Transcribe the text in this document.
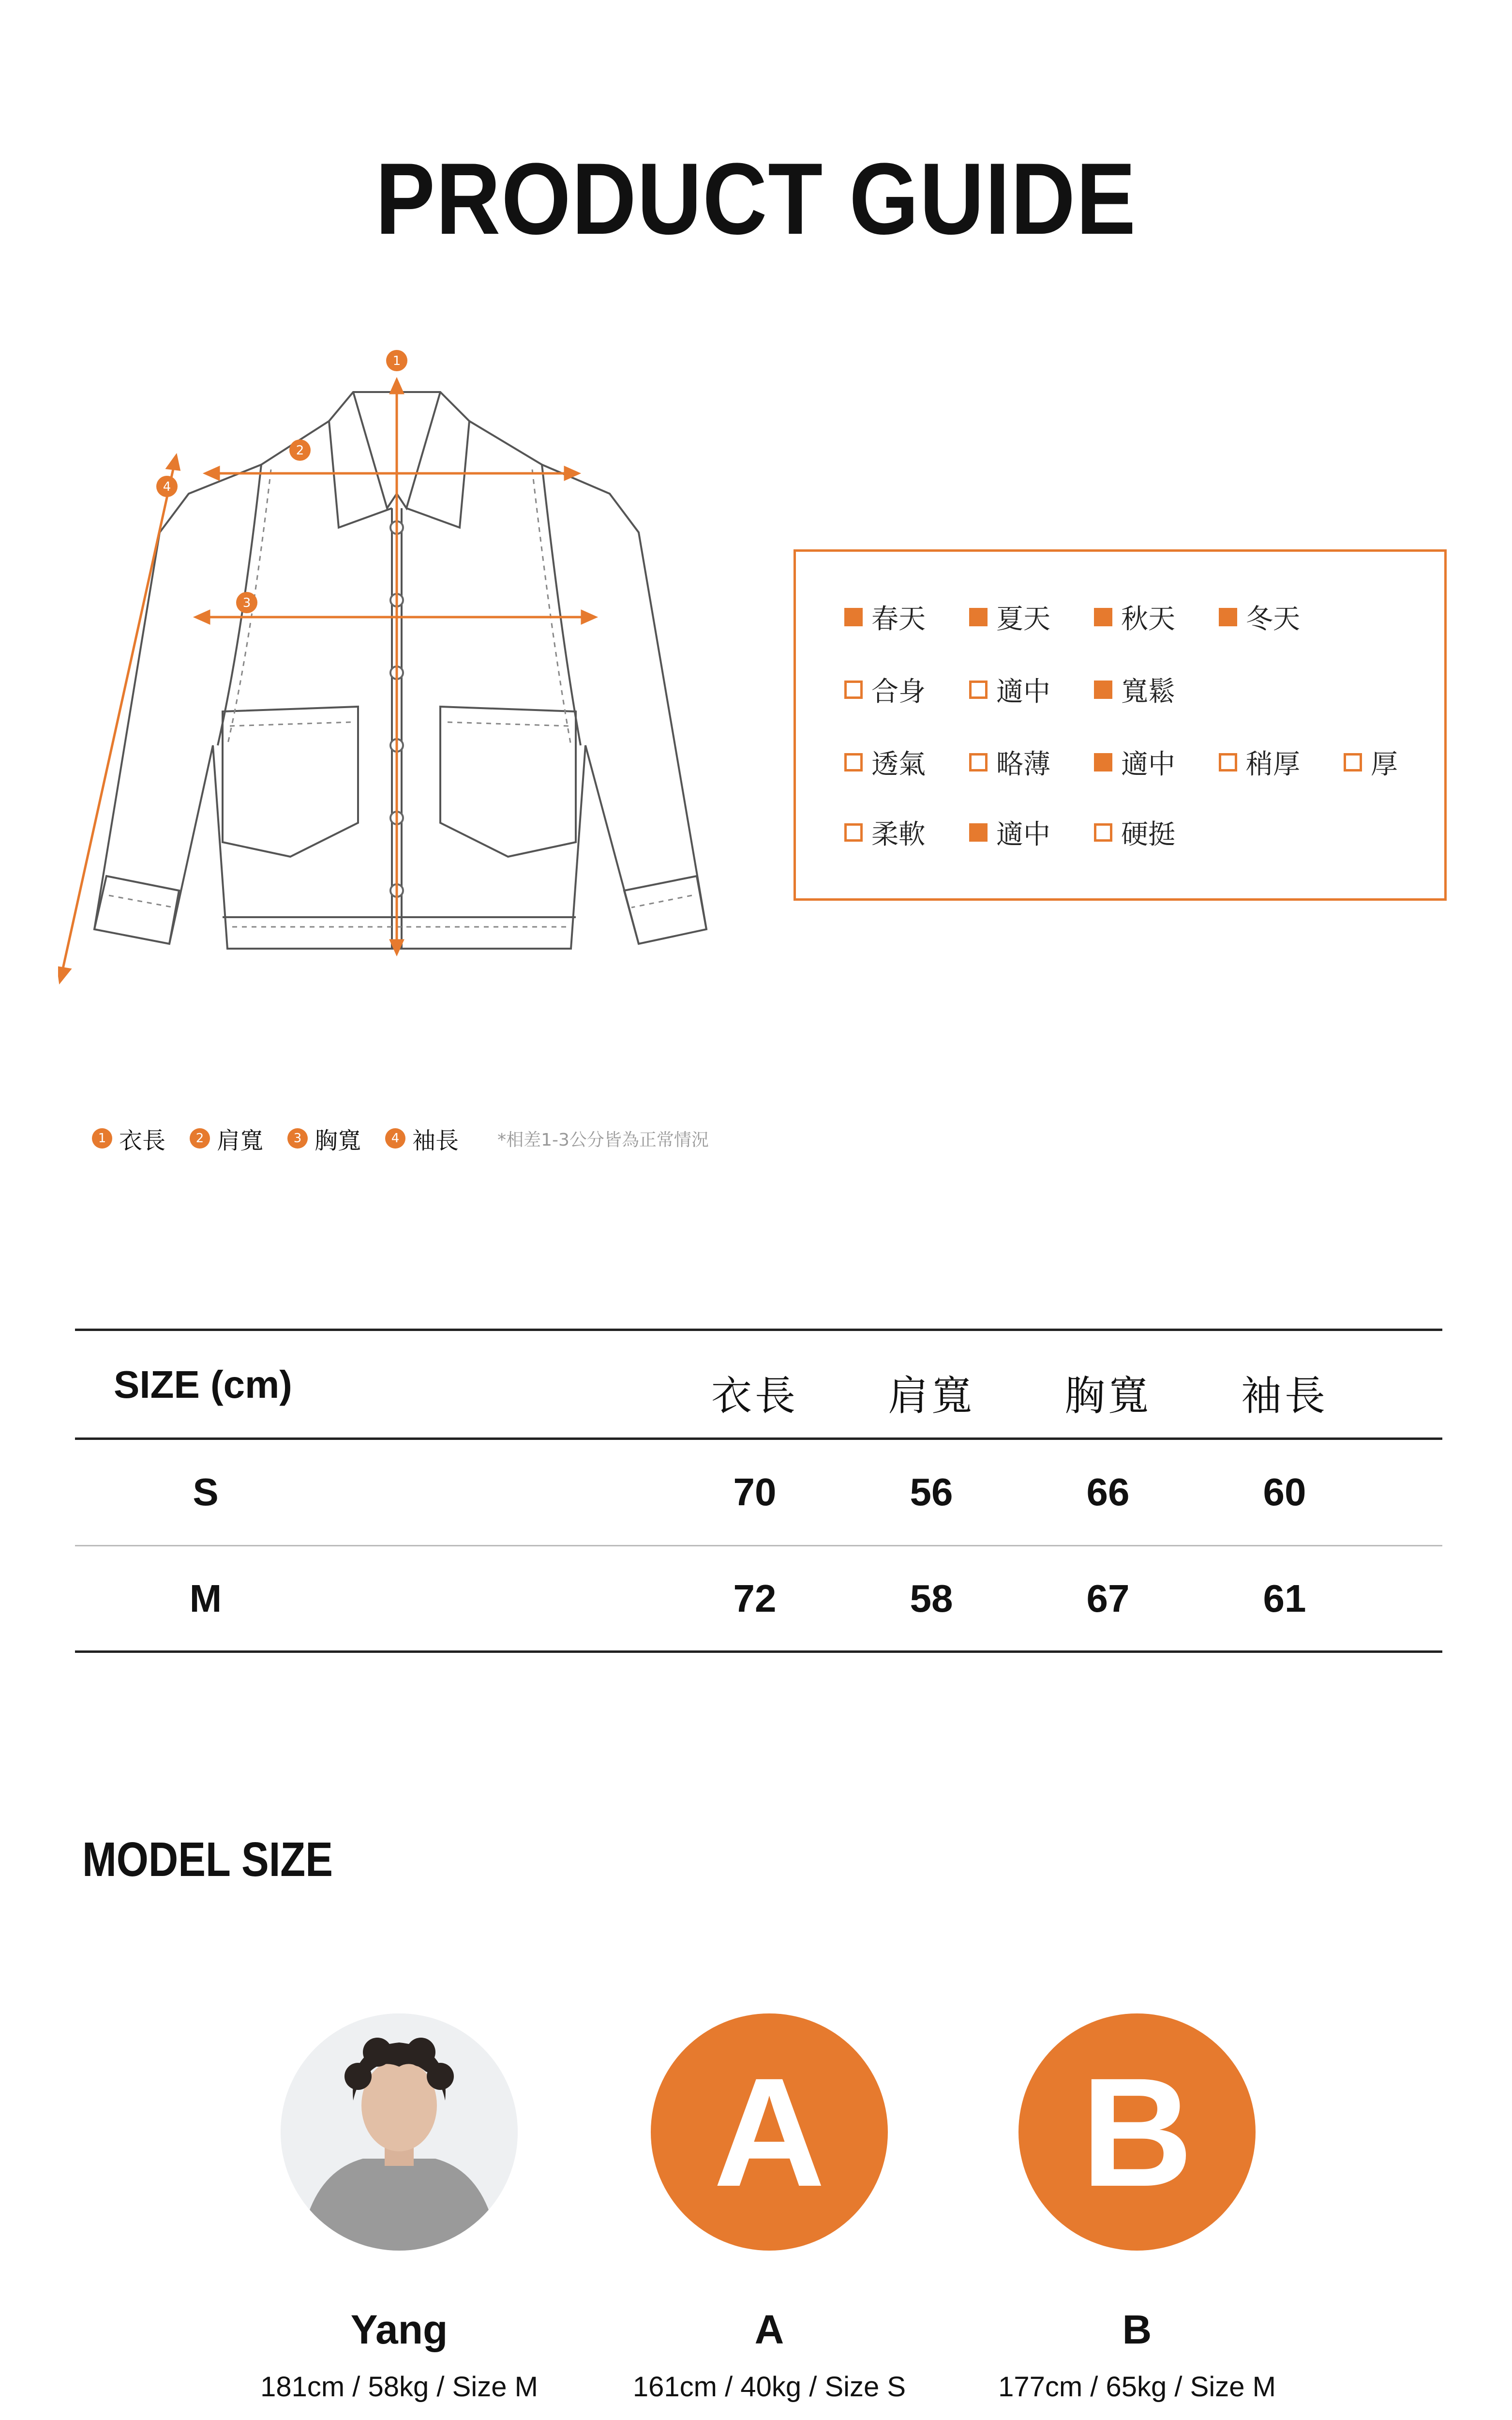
PRODUCT GUIDE
1
2
3
4
春天	夏天	秋天	冬天
合身	適中	寬鬆
透氣	略薄	適中	稍厚	厚
柔軟	適中	硬挺
1 衣長	2 肩寬	3 胸寬	4 袖長 *相差1-3公分皆為正常情況
SIZE (cm)	衣長	肩寬	胸寬	袖長
S	70	56	66	60
M	72	58	67	61
MODEL SIZE
A	B
Yang
181cm / 58kg / Size M
A
161cm / 40kg / Size S
B
177cm / 65kg / Size M
